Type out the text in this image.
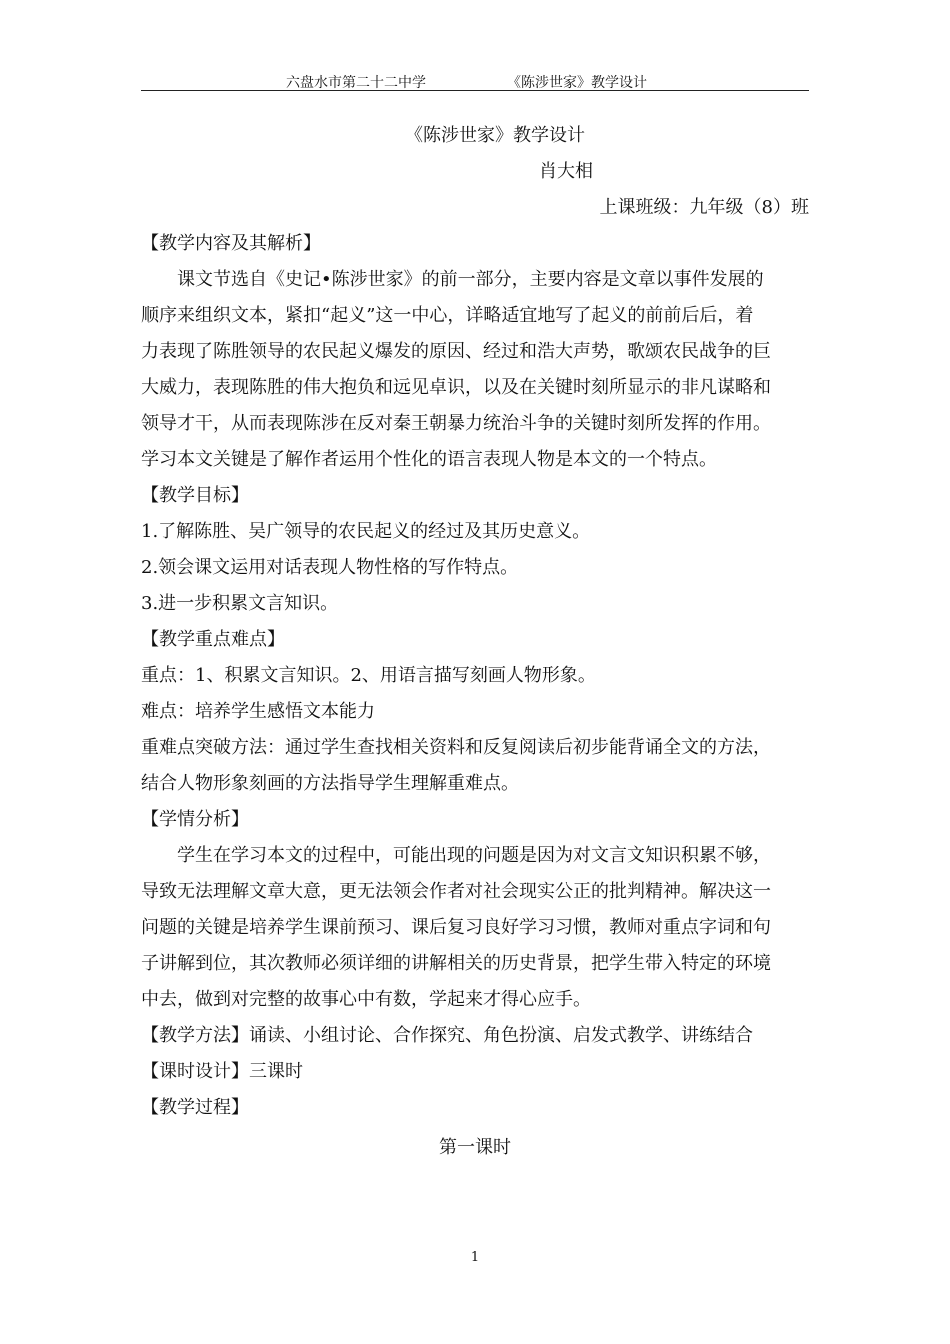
六盘水市第二十二中学	《陈涉世家》教学设计

《陈涉世家》教学设计

肖大相

上课班级：九年级（8）班

【教学内容及其解析】

课文节选自《史记•陈涉世家》的前一部分，主要内容是文章以事件发展的

顺序来组织文本，紧扣“起义”这一中心，详略适宜地写了起义的前前后后，着

力表现了陈胜领导的农民起义爆发的原因、经过和浩大声势，歌颂农民战争的巨

大威力，表现陈胜的伟大抱负和远见卓识，以及在关键时刻所显示的非凡谋略和

领导才干，从而表现陈涉在反对秦王朝暴力统治斗争的关键时刻所发挥的作用。

学习本文关键是了解作者运用个性化的语言表现人物是本文的一个特点。

【教学目标】

1.了解陈胜、吴广领导的农民起义的经过及其历史意义。

2.领会课文运用对话表现人物性格的写作特点。

3.进一步积累文言知识。

【教学重点难点】

重点：1、积累文言知识。2、用语言描写刻画人物形象。

难点：培养学生感悟文本能力

重难点突破方法：通过学生查找相关资料和反复阅读后初步能背诵全文的方法，

结合人物形象刻画的方法指导学生理解重难点。

【学情分析】

学生在学习本文的过程中，可能出现的问题是因为对文言文知识积累不够，

导致无法理解文章大意，更无法领会作者对社会现实公正的批判精神。解决这一

问题的关键是培养学生课前预习、课后复习良好学习习惯，教师对重点字词和句

子讲解到位，其次教师必须详细的讲解相关的历史背景，把学生带入特定的环境

中去，做到对完整的故事心中有数，学起来才得心应手。

【教学方法】诵读、小组讨论、合作探究、角色扮演、启发式教学、讲练结合

【课时设计】三课时

【教学过程】

第一课时

1
